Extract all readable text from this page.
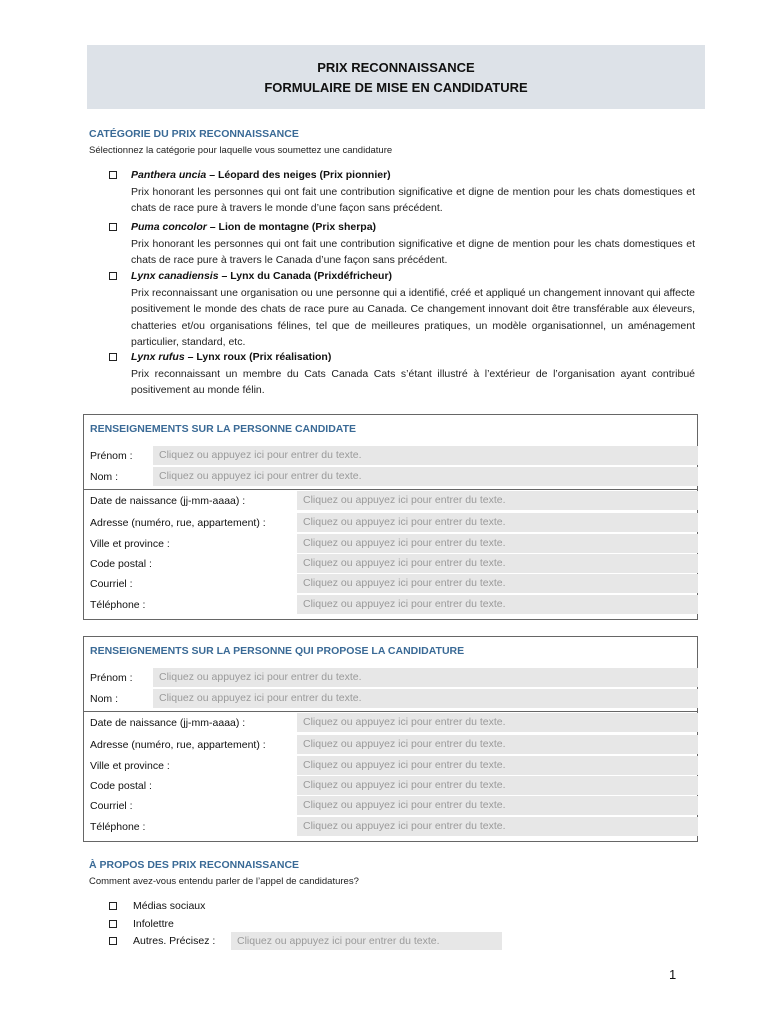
PRIX RECONNAISSANCE
FORMULAIRE DE MISE EN CANDIDATURE
CATÉGORIE DU PRIX RECONNAISSANCE
Sélectionnez la catégorie pour laquelle vous soumettez une candidature
Panthera uncia – Léopard des neiges (Prix pionnier)
Prix honorant les personnes qui ont fait une contribution significative et digne de mention pour les chats domestiques et chats de race pure à travers le monde d’une façon sans précédent.
Puma concolor – Lion de montagne (Prix sherpa)
Prix honorant les personnes qui ont fait une contribution significative et digne de mention pour les chats domestiques et chats de race pure à travers le Canada d’une façon sans précédent.
Lynx canadiensis – Lynx du Canada (Prixdéfricheur)
Prix reconnaissant une organisation ou une personne qui a identifié, créé et appliqué un changement innovant qui affecte positivement le monde des chats de race pure au Canada. Ce changement innovant doit être transférable aux éleveurs, chatteries et/ou organisations félines, tel que de meilleures pratiques, un modèle organisationnel, un aménagement particulier, standard, etc.
Lynx rufus – Lynx roux (Prix réalisation)
Prix reconnaissant un membre du Cats Canada Cats s’étant illustré à l’extérieur de l’organisation ayant contribué positivement au monde félin.
RENSEIGNEMENTS SUR LA PERSONNE CANDIDATE
Prénom :	Cliquez ou appuyez ici pour entrer du texte.
Nom :	Cliquez ou appuyez ici pour entrer du texte.
Date de naissance (jj-mm-aaaa) :	Cliquez ou appuyez ici pour entrer du texte.
Adresse (numéro, rue, appartement) :	Cliquez ou appuyez ici pour entrer du texte.
Ville et province :	Cliquez ou appuyez ici pour entrer du texte.
Code postal :	Cliquez ou appuyez ici pour entrer du texte.
Courriel :	Cliquez ou appuyez ici pour entrer du texte.
Téléphone :	Cliquez ou appuyez ici pour entrer du texte.
RENSEIGNEMENTS SUR LA PERSONNE QUI PROPOSE LA CANDIDATURE
Prénom :	Cliquez ou appuyez ici pour entrer du texte.
Nom :	Cliquez ou appuyez ici pour entrer du texte.
Date de naissance (jj-mm-aaaa) :	Cliquez ou appuyez ici pour entrer du texte.
Adresse (numéro, rue, appartement) :	Cliquez ou appuyez ici pour entrer du texte.
Ville et province :	Cliquez ou appuyez ici pour entrer du texte.
Code postal :	Cliquez ou appuyez ici pour entrer du texte.
Courriel :	Cliquez ou appuyez ici pour entrer du texte.
Téléphone :	Cliquez ou appuyez ici pour entrer du texte.
À PROPOS DES PRIX RECONNAISSANCE
Comment avez-vous entendu parler de l’appel de candidatures?
Médias sociaux
Infolettre
Autres. Précisez :	Cliquez ou appuyez ici pour entrer du texte.
1
